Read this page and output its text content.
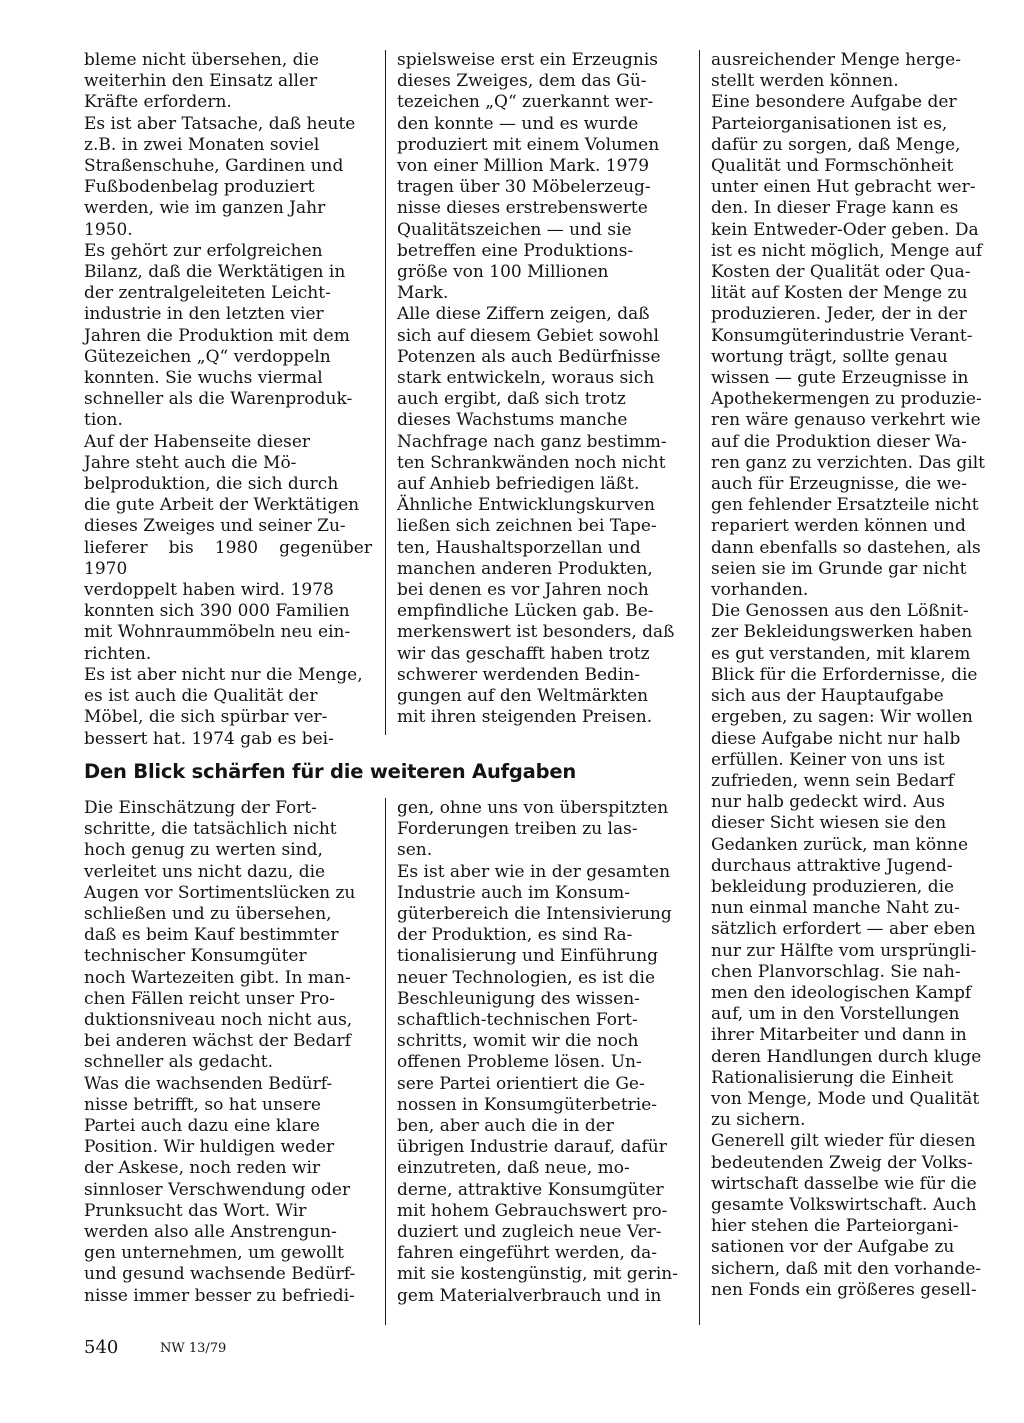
bleme nicht übersehen, die
weiterhin den Einsatz aller
Kräfte erfordern.

Es ist aber Tatsache, daß heute
z.B. in zwei Monaten soviel
Straßenschuhe, Gardinen und
Fußbodenbelag produziert
werden, wie im ganzen Jahr
1950.

Es gehört zur erfolgreichen
Bilanz, daß die Werktätigen in
der zentralgeleiteten Leicht-
industrie in den letzten vier
Jahren die Produktion mit dem
Gütezeichen „Q“ verdoppeln
konnten. Sie wuchs viermal
schneller als die Warenproduk-
tion.

Auf der Habenseite dieser
Jahre steht auch die Mö-
belproduktion, die sich durch
die gute Arbeit der Werktätigen
dieses Zweiges und seiner Zu-
lieferer bis 1980 gegenüber 1970
verdoppelt haben wird. 1978
konnten sich 390 000 Familien
mit Wohnraummöbeln neu ein-
richten.

Es ist aber nicht nur die Menge,
es ist auch die Qualität der
Möbel, die sich spürbar ver-
bessert hat. 1974 gab es bei-

spielsweise erst ein Erzeugnis
dieses Zweiges, dem das Gü-
tezeichen „Q“ zuerkannt wer-
den konnte — und es wurde
produziert mit einem Volumen
von einer Million Mark. 1979
tragen über 30 Möbelerzeug-
nisse dieses erstrebenswerte
Qualitätszeichen — und sie
betreffen eine Produktions-
größe von 100 Millionen
Mark.

Alle diese Ziffern zeigen, daß
sich auf diesem Gebiet sowohl
Potenzen als auch Bedürfnisse
stark entwickeln, woraus sich
auch ergibt, daß sich trotz
dieses Wachstums manche
Nachfrage nach ganz bestimm-
ten Schrankwänden noch nicht
auf Anhieb befriedigen läßt.

Ähnliche Entwicklungskurven
ließen sich zeichnen bei Tape-
ten, Haushaltsporzellan und
manchen anderen Produkten,
bei denen es vor Jahren noch
empfindliche Lücken gab. Be-
merkenswert ist besonders, daß
wir das geschafft haben trotz
schwerer werdenden Bedin-
gungen auf den Weltmärkten
mit ihren steigenden Preisen.

ausreichender Menge herge-
stellt werden können.

Eine besondere Aufgabe der
Parteiorganisationen ist es,
dafür zu sorgen, daß Menge,
Qualität und Formschönheit
unter einen Hut gebracht wer-
den. In dieser Frage kann es
kein Entweder-Oder geben. Da
ist es nicht möglich, Menge auf
Kosten der Qualität oder Qua-
lität auf Kosten der Menge zu
produzieren. Jeder, der in der
Konsumgüterindustrie Verant-
wortung trägt, sollte genau
wissen — gute Erzeugnisse in
Apothekermengen zu produzie-
ren wäre genauso verkehrt wie
auf die Produktion dieser Wa-
ren ganz zu verzichten. Das gilt
auch für Erzeugnisse, die we-
gen fehlender Ersatzteile nicht
repariert werden können und
dann ebenfalls so dastehen, als
seien sie im Grunde gar nicht
vorhanden.

Die Genossen aus den Lößnit-
zer Bekleidungswerken haben
es gut verstanden, mit klarem
Blick für die Erfordernisse, die
sich aus der Hauptaufgabe
ergeben, zu sagen: Wir wollen
diese Aufgabe nicht nur halb
erfüllen. Keiner von uns ist
zufrieden, wenn sein Bedarf
nur halb gedeckt wird. Aus
dieser Sicht wiesen sie den
Gedanken zurück, man könne
durchaus attraktive Jugend-
bekleidung produzieren, die
nun einmal manche Naht zu-
sätzlich erfordert — aber eben
nur zur Hälfte vom ursprüngli-
chen Planvorschlag. Sie nah-
men den ideologischen Kampf
auf, um in den Vorstellungen
ihrer Mitarbeiter und dann in
deren Handlungen durch kluge
Rationalisierung die Einheit
von Menge, Mode und Qualität
zu sichern.

Generell gilt wieder für diesen
bedeutenden Zweig der Volks-
wirtschaft dasselbe wie für die
gesamte Volkswirtschaft. Auch
hier stehen die Parteiorgani-
sationen vor der Aufgabe zu
sichern, daß mit den vorhande-
nen Fonds ein größeres gesell-

Den Blick schärfen für die weiteren Aufgaben

Die Einschätzung der Fort-
schritte, die tatsächlich nicht
hoch genug zu werten sind,
verleitet uns nicht dazu, die
Augen vor Sortimentslücken zu
schließen und zu übersehen,
daß es beim Kauf bestimmter
technischer Konsumgüter
noch Wartezeiten gibt. In man-
chen Fällen reicht unser Pro-
duktionsniveau noch nicht aus,
bei anderen wächst der Bedarf
schneller als gedacht.

Was die wachsenden Bedürf-
nisse betrifft, so hat unsere
Partei auch dazu eine klare
Position. Wir huldigen weder
der Askese, noch reden wir
sinnloser Verschwendung oder
Prunksucht das Wort. Wir
werden also alle Anstrengun-
gen unternehmen, um gewollt
und gesund wachsende Bedürf-
nisse immer besser zu befriedi-

gen, ohne uns von überspitzten
Forderungen treiben zu las-
sen.

Es ist aber wie in der gesamten
Industrie auch im Konsum-
güterbereich die Intensivierung
der Produktion, es sind Ra-
tionalisierung und Einführung
neuer Technologien, es ist die
Beschleunigung des wissen-
schaftlich-technischen Fort-
schritts, womit wir die noch
offenen Probleme lösen. Un-
sere Partei orientiert die Ge-
nossen in Konsumgüterbetrie-
ben, aber auch die in der
übrigen Industrie darauf, dafür
einzutreten, daß neue, mo-
derne, attraktive Konsumgüter
mit hohem Gebrauchswert pro-
duziert und zugleich neue Ver-
fahren eingeführt werden, da-
mit sie kostengünstig, mit gerin-
gem Materialverbrauch und in

540	NW 13/79
